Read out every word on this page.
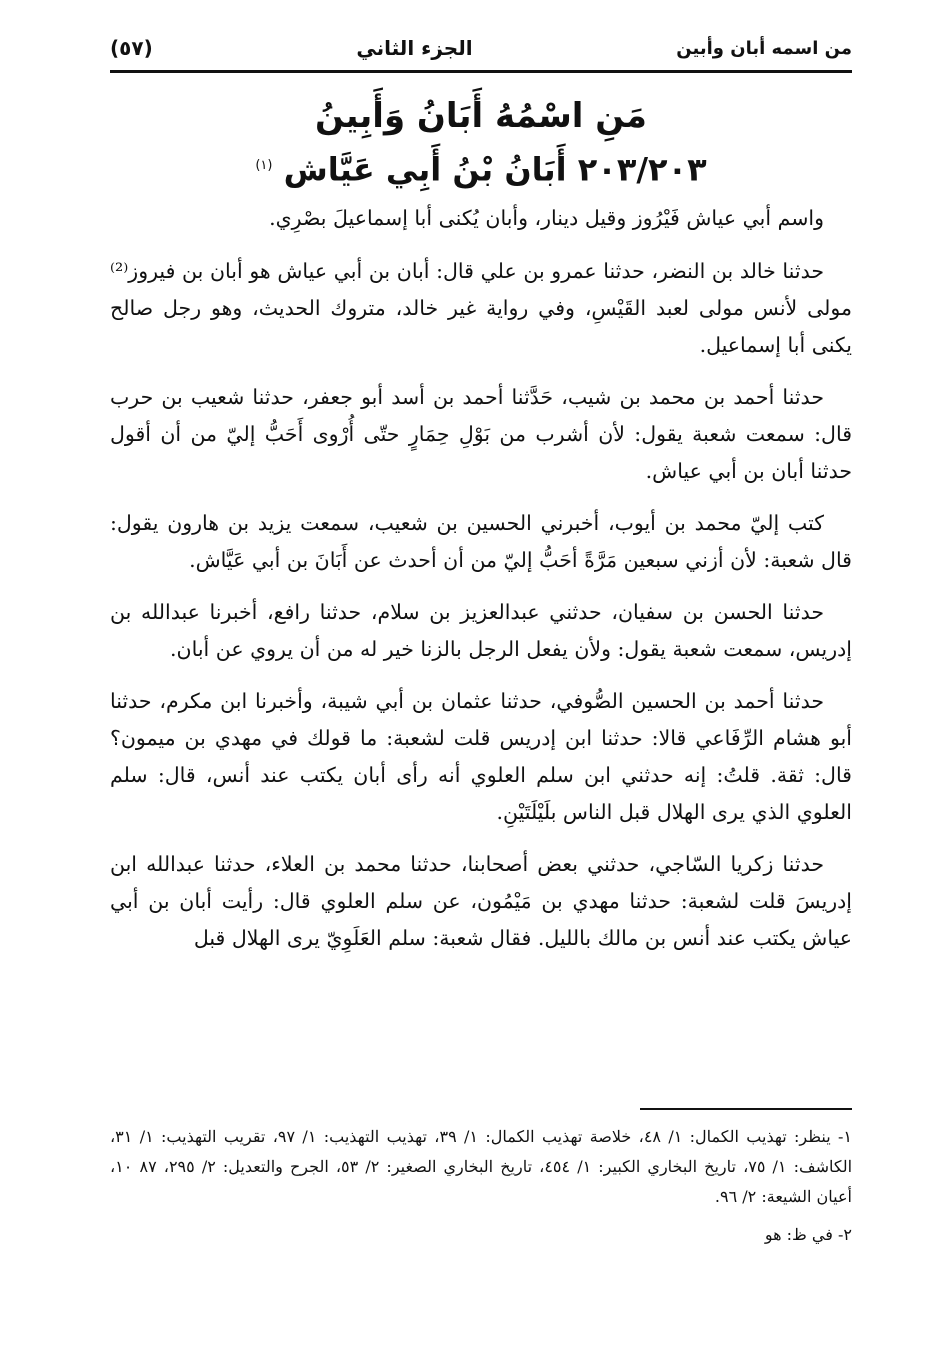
من اسمه أبان وأبين
الجزء الثاني
(٥٧)
مَنِ اسْمُهُ أَبَانُ وَأَبِينُ
٢٠٣/٢٠٣ أَبَانُ بْنُ أَبِي عَيَّاش $^{(١)}$

واسم أبي عياش فَيْرُوز وقيل دينار، وأبان يُكنى أبا إسماعيلَ بصْرِي.

حدثنا خالد بن النضر، حدثنا عمرو بن علي قال: أبان بن أبي عياش هو أبان بن فيروز⁽²⁾مولى لأنس مولى لعبد القَيْسِ، وفي رواية غير خالد، متروك الحديث، وهو رجل صالح يكنى أبا إسماعيل.

حدثنا أحمد بن محمد بن شيب، حَدَّثنا أحمد بن أسد أبو جعفر، حدثنا شعيب بن حرب قال: سمعت شعبة يقول: لأن أشرب من بَوْلِ حِمَارٍ حتّى أُرْوى أَحَبُّ إليّ من أن أقول حدثنا أبان بن أبي عياش.

كتب إليّ محمد بن أيوب، أخبرني الحسين بن شعيب، سمعت يزيد بن هارون يقول: قال شعبة: لأن أزني سبعين مَرَّةً أحَبُّ إليّ من أن أحدث عن أَبَانَ بن أبي عَيَّاش.

حدثنا الحسن بن سفيان، حدثني عبدالعزيز بن سلام، حدثنا رافع، أخبرنا عبدالله بن إدريس، سمعت شعبة يقول: ولأن يفعل الرجل بالزنا خير له من أن يروي عن أبان.

حدثنا أحمد بن الحسين الصُّوفي، حدثنا عثمان بن أبي شيبة، وأخبرنا ابن مكرم، حدثنا أبو هشام الرِّفَاعي قالا: حدثنا ابن إدريس قلت لشعبة: ما قولك في مهدي بن ميمون؟ قال: ثقة. قلتُ: إنه حدثني ابن سلم العلوي أنه رأى أبان يكتب عند أنس، قال: سلم العلوي الذي يرى الهلال قبل الناس بلَيْلَتَيْنِ.

حدثنا زكريا السّاجي، حدثني بعض أصحابنا، حدثنا محمد بن العلاء، حدثنا عبدالله ابن إدريسَ قلت لشعبة: حدثنا مهدي بن مَيْمُون، عن سلم العلوي قال: رأيت أبان بن أبي عياش يكتب عند أنس بن مالك بالليل. فقال شعبة: سلم العَلَوِيّ يرى الهلال قبل

١- ينظر: تهذيب الكمال: ١/ ٤٨، خلاصة تهذيب الكمال: ١/ ٣٩، تهذيب التهذيب: ١/ ٩٧، تقريب التهذيب: ١/ ٣١، الكاشف: ١/ ٧٥، تاريخ البخاري الكبير: ١/ ٤٥٤، تاريخ البخاري الصغير: ٢/ ٥٣، الجرح والتعديل: ٢/ ٢٩٥، ٨٧ ١٠، أعيان الشيعة: ٢/ ٩٦.

٢- في ظ: هو
